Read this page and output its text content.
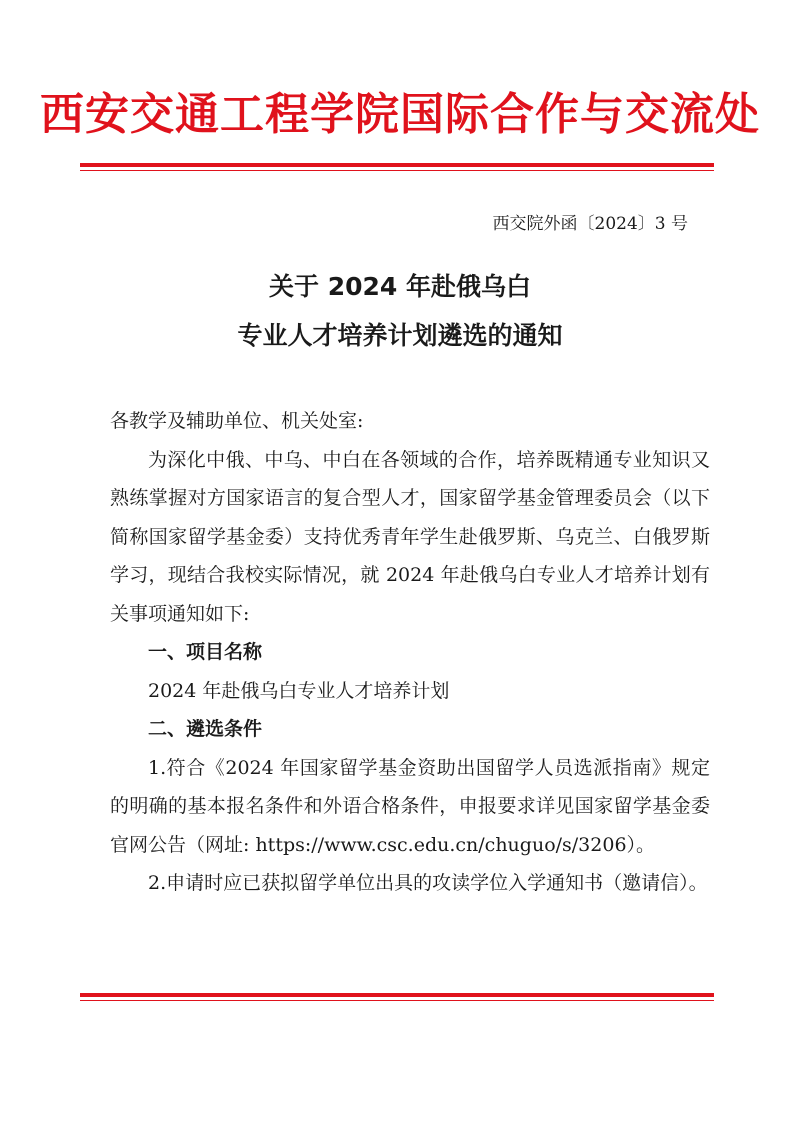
西安交通工程学院国际合作与交流处
西交院外函〔2024〕3 号
关于 2024 年赴俄乌白
专业人才培养计划遴选的通知

各教学及辅助单位、机关处室:

为深化中俄、中乌、中白在各领域的合作，培养既精通专业知识又熟练掌握对方国家语言的复合型人才，国家留学基金管理委员会（以下简称国家留学基金委）支持优秀青年学生赴俄罗斯、乌克兰、白俄罗斯学习，现结合我校实际情况，就 2024 年赴俄乌白专业人才培养计划有关事项通知如下:

一、项目名称

2024 年赴俄乌白专业人才培养计划

二、遴选条件

1.符合《2024 年国家留学基金资助出国留学人员选派指南》规定的明确的基本报名条件和外语合格条件，申报要求详见国家留学基金委官网公告（网址: https://www.csc.edu.cn/chuguo/s/3206）。

2.申请时应已获拟留学单位出具的攻读学位入学通知书（邀请信）。
